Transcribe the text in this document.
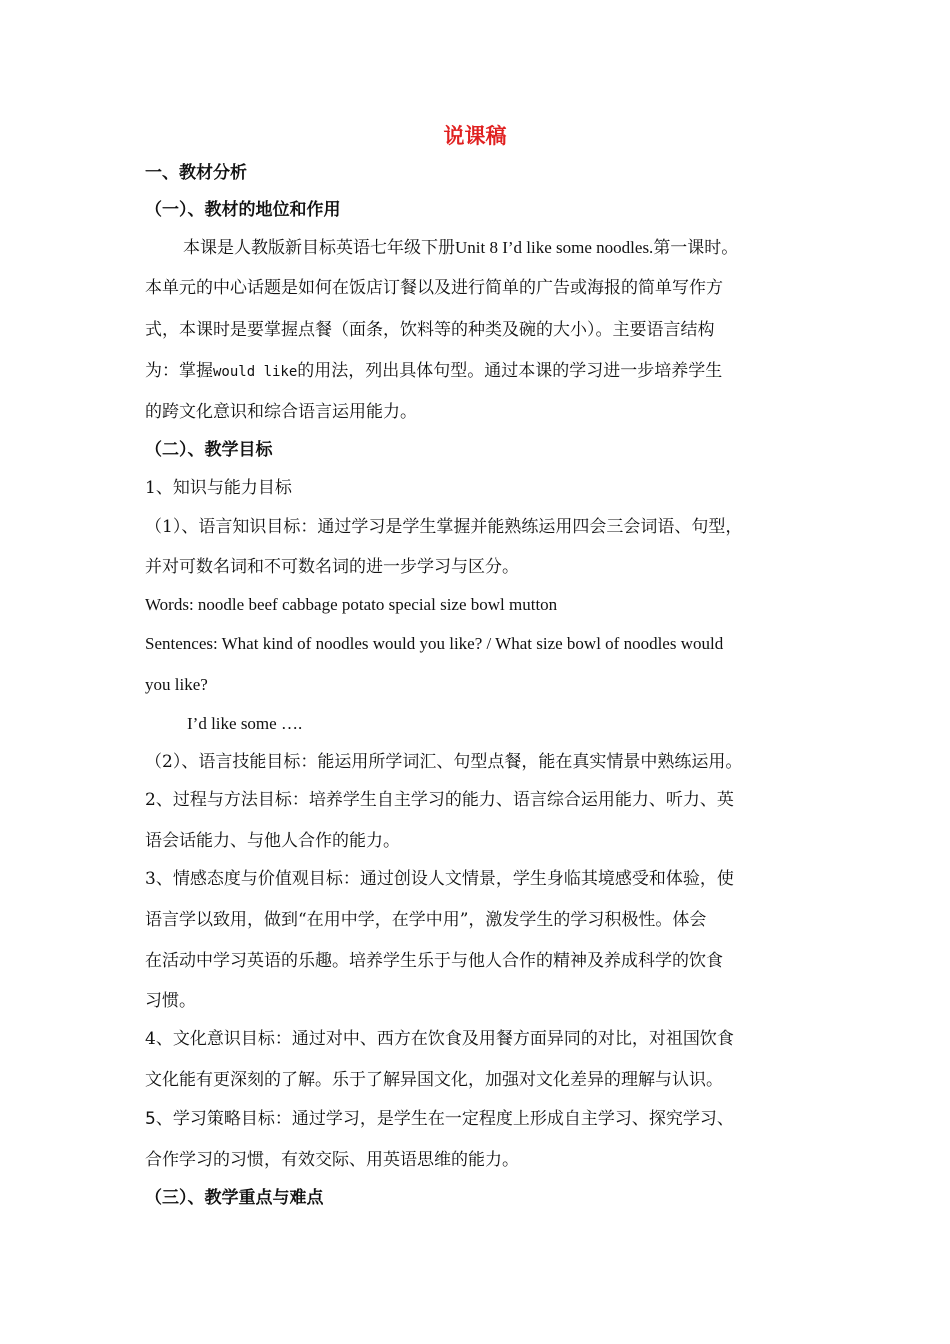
说课稿
一、教材分析
（一）、教材的地位和作用
本课是人教版新目标英语七年级下册Unit 8 I’d like some noodles.第一课时。
本单元的中心话题是如何在饭店订餐以及进行简单的广告或海报的简单写作方
式，本课时是要掌握点餐（面条，饮料等的种类及碗的大小）。主要语言结构
为：掌握would like的用法，列出具体句型。通过本课的学习进一步培养学生
的跨文化意识和综合语言运用能力。
（二）、教学目标
1、知识与能力目标
（1）、语言知识目标：通过学习是学生掌握并能熟练运用四会三会词语、句型，
并对可数名词和不可数名词的进一步学习与区分。
Words: noodle beef cabbage potato special size bowl mutton
Sentences: What kind of noodles would you like? / What size bowl of noodles would
you like?
I’d like some ….
（2）、语言技能目标：能运用所学词汇、句型点餐，能在真实情景中熟练运用。
2、过程与方法目标：培养学生自主学习的能力、语言综合运用能力、听力、英
语会话能力、与他人合作的能力。
3、情感态度与价值观目标：通过创设人文情景，学生身临其境感受和体验，使
语言学以致用，做到“在用中学，在学中用”，激发学生的学习积极性。体会
在活动中学习英语的乐趣。培养学生乐于与他人合作的精神及养成科学的饮食
习惯。
4、文化意识目标：通过对中、西方在饮食及用餐方面异同的对比，对祖国饮食
文化能有更深刻的了解。乐于了解异国文化，加强对文化差异的理解与认识。
5、学习策略目标：通过学习，是学生在一定程度上形成自主学习、探究学习、
合作学习的习惯，有效交际、用英语思维的能力。
（三）、教学重点与难点
